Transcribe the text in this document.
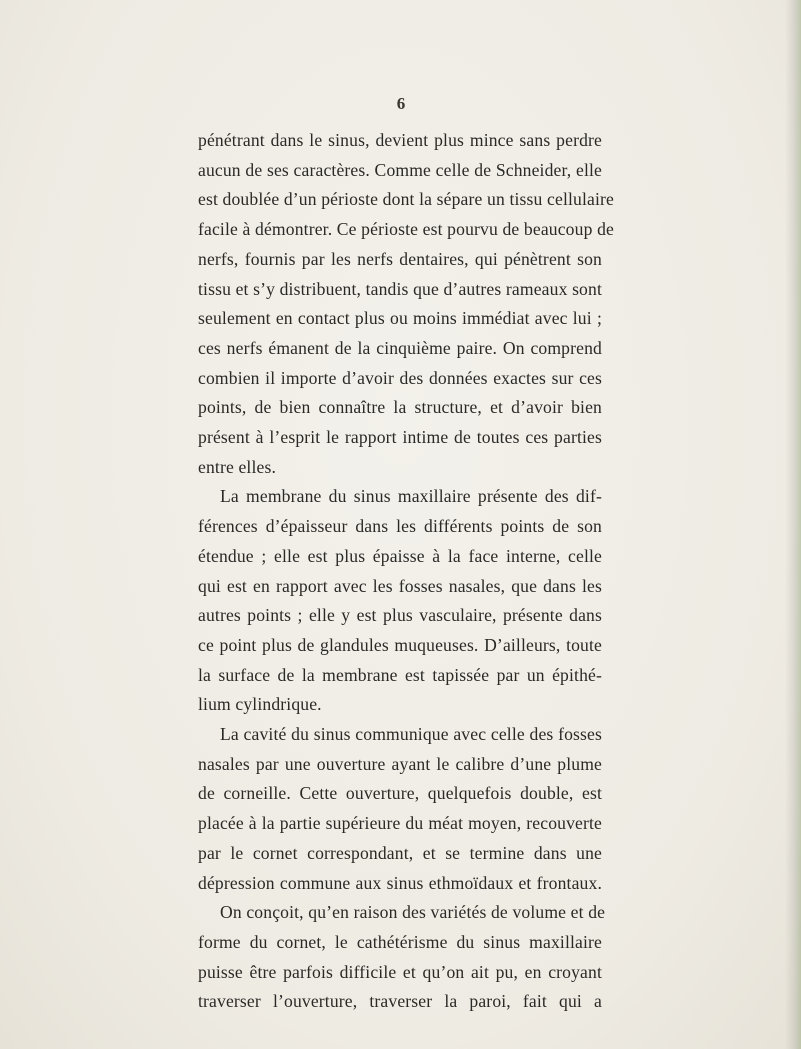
6
pénétrant dans le sinus, devient plus mince sans perdre
aucun de ses caractères. Comme celle de Schneider, elle
est doublée d’un périoste dont la sépare un tissu cellulaire
facile à démontrer. Ce périoste est pourvu de beaucoup de
nerfs, fournis par les nerfs dentaires, qui pénètrent son
tissu et s’y distribuent, tandis que d’autres rameaux sont
seulement en contact plus ou moins immédiat avec lui ;
ces nerfs émanent de la cinquième paire. On comprend
combien il importe d’avoir des données exactes sur ces
points, de bien connaître la structure, et d’avoir bien
présent à l’esprit le rapport intime de toutes ces parties
entre elles.
La membrane du sinus maxillaire présente des dif-
férences d’épaisseur dans les différents points de son
étendue ; elle est plus épaisse à la face interne, celle
qui est en rapport avec les fosses nasales, que dans les
autres points ; elle y est plus vasculaire, présente dans
ce point plus de glandules muqueuses. D’ailleurs, toute
la surface de la membrane est tapissée par un épithé-
lium cylindrique.
La cavité du sinus communique avec celle des fosses
nasales par une ouverture ayant le calibre d’une plume
de corneille. Cette ouverture, quelquefois double, est
placée à la partie supérieure du méat moyen, recouverte
par le cornet correspondant, et se termine dans une
dépression commune aux sinus ethmoïdaux et frontaux.
On conçoit, qu’en raison des variétés de volume et de
forme du cornet, le cathétérisme du sinus maxillaire
puisse être parfois difficile et qu’on ait pu, en croyant
traverser l’ouverture, traverser la paroi, fait qui a
